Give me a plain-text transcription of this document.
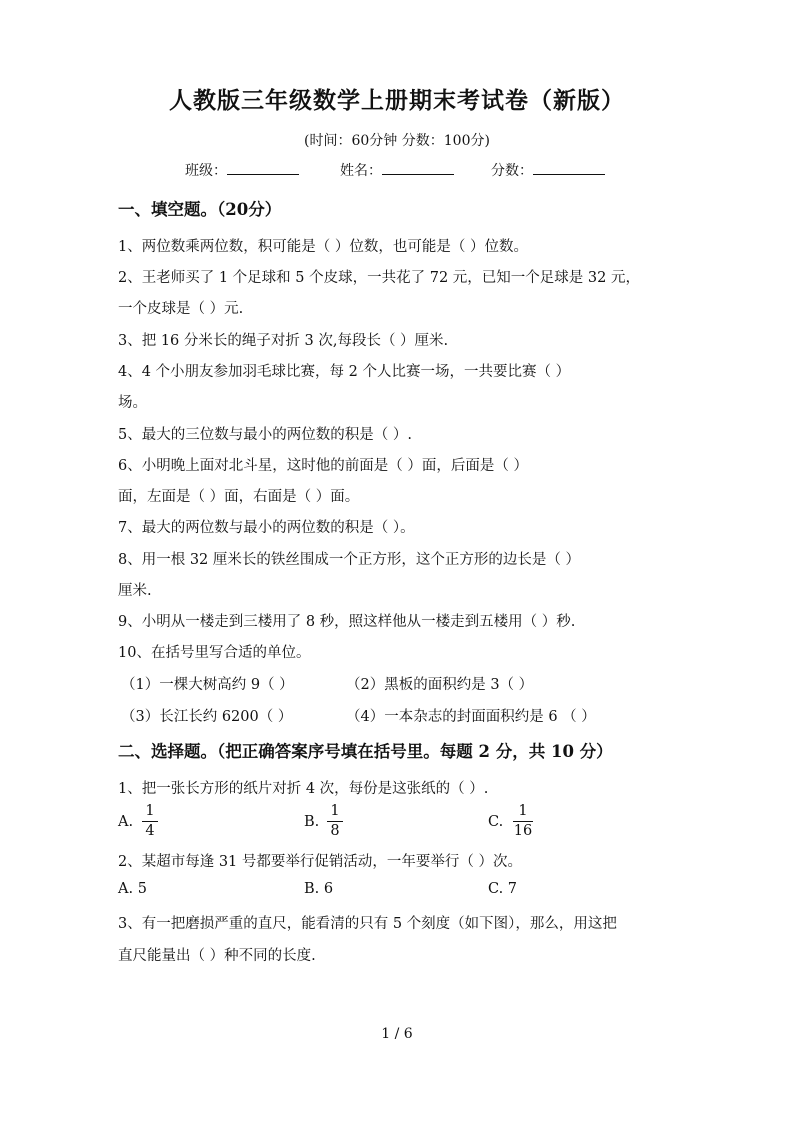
人教版三年级数学上册期末考试卷（新版）
(时间：60分钟 分数：100分)
班级：	姓名：	分数：
一、填空题。（20分）
1、两位数乘两位数，积可能是（ ）位数，也可能是（ ）位数。
2、王老师买了 1 个足球和 5 个皮球，一共花了 72 元，已知一个足球是 32 元，
一个皮球是（ ）元.
3、把 16 分米长的绳子对折 3 次,每段长（ ）厘米.
4、4 个小朋友参加羽毛球比赛，每 2 个人比赛一场，一共要比赛（ ）
场。
5、最大的三位数与最小的两位数的积是（ ）.
6、小明晚上面对北斗星，这时他的前面是（ ）面，后面是（ ）
面，左面是（ ）面，右面是（ ）面。
7、最大的两位数与最小的两位数的积是（ ）。
8、用一根 32 厘米长的铁丝围成一个正方形，这个正方形的边长是（ ）
厘米.
9、小明从一楼走到三楼用了 8 秒，照这样他从一楼走到五楼用（ ）秒.
10、在括号里写合适的单位。
（1）一棵大树高约 9（ ）	（2）黑板的面积约是 3（ ）
（3）长江长约 6200（ ）	（4）一本杂志的封面面积约是 6 （ ）
二、选择题。（把正确答案序号填在括号里。每题 2 分，共 10 分）
1、把一张长方形的纸片对折 4 次，每份是这张纸的（ ）.
A.
1
4
B.
1
8
C.
1
16
2、某超市每逢 31 号都要举行促销活动，一年要举行（ ）次。
A. 5	B. 6	C. 7
3、有一把磨损严重的直尺，能看清的只有 5 个刻度（如下图），那么，用这把
直尺能量出（ ）种不同的长度.
1 / 6
